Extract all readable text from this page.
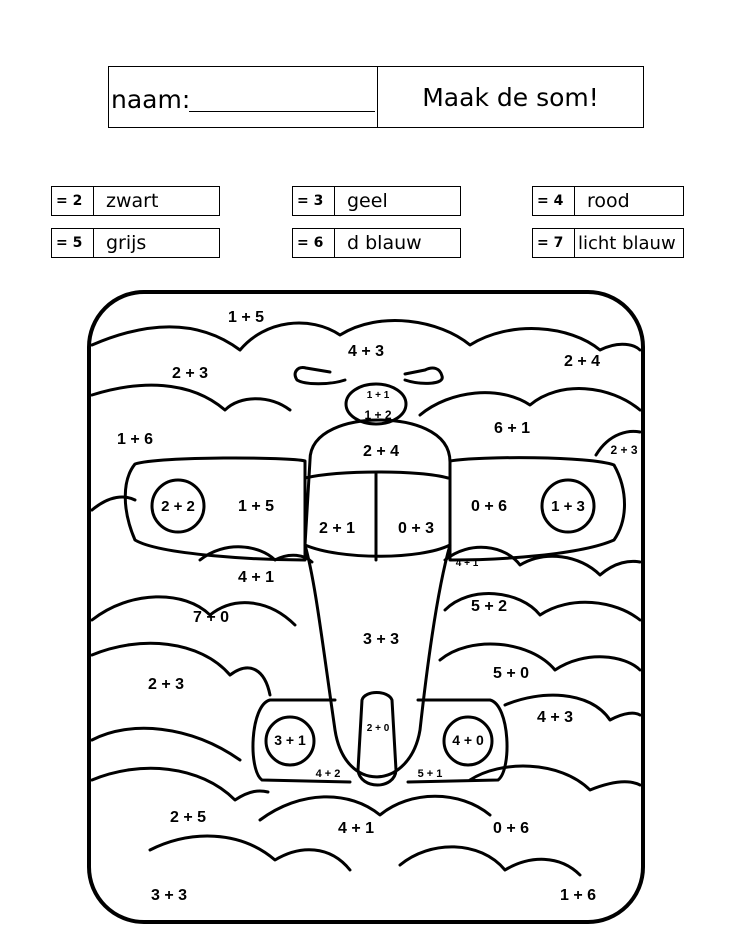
naam:	Maak de som!
= 2	zwart	= 3	geel	= 4	rood
= 5	grijs	= 6	d blauw	= 7 licht blauw
1 + 5
4 + 3
2 + 3
2 + 4
1 + 6
1 + 1
1 + 2
6 + 1
2 + 3
2 + 4
2 + 2	1 + 5
2 + 1	0 + 3
0 + 6	1 + 3
4 + 1
4 + 1
7 + 0
5 + 2
3 + 3
2 + 3
5 + 0
4 + 3
2 + 0
3 + 1	4 + 0
4 + 2	5 + 1
2 + 5
4 + 1	0 + 6
3 + 3	1 + 6
